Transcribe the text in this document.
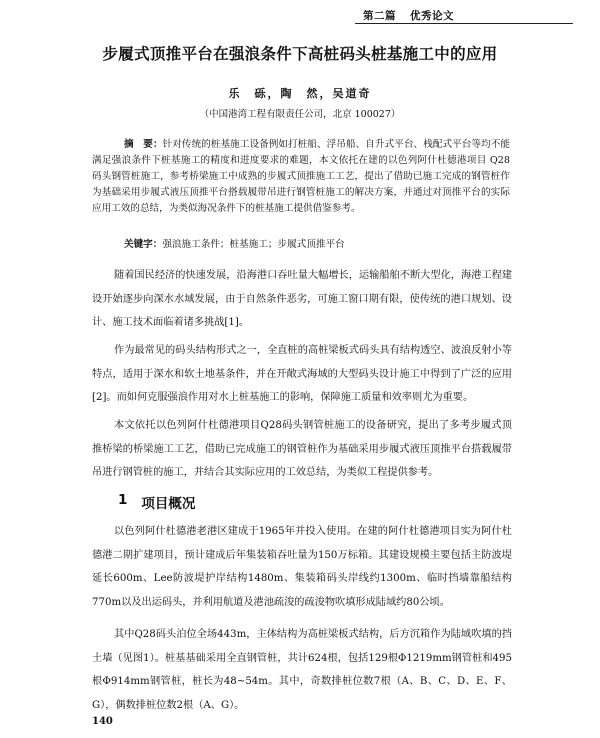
第二篇 优秀论文
步履式顶推平台在强浪条件下高桩码头桩基施工中的应用
乐　砾，陶　然，吴道奇
（中国港湾工程有限责任公司，北京 100027）
摘　要：针对传统的桩基施工设备例如打桩船、浮吊船、自升式平台、栈配式平台等均不能满足强浪条件下桩基施工的精度和进度要求的难题，本文依托在建的以色列阿什杜德港项目 Q28 码头钢管桩施工，参考桥梁施工中成熟的步履式顶推施工工艺，提出了借助已施工完成的钢管桩作为基础采用步履式液压顶推平台搭载履带吊进行钢管桩施工的解决方案，并通过对顶推平台的实际应用工效的总结，为类似海况条件下的桩基施工提供借鉴参考。
关键字：强浪施工条件；桩基施工；步履式顶推平台

随着国民经济的快速发展，沿海港口吞吐量大幅增长，运输船舶不断大型化，海港工程建设开始逐步向深水水域发展，由于自然条件恶劣，可施工窗口期有限，使传统的港口规划、设计、施工技术面临着诸多挑战[1]。

作为最常见的码头结构形式之一，全直桩的高桩梁板式码头具有结构透空、波浪反射小等特点，适用于深水和软土地基条件，并在开敞式海域的大型码头设计施工中得到了广泛的应用[2]。而如何克服强浪作用对水上桩基施工的影响，保障施工质量和效率则尤为重要。

本文依托以色列阿什杜德港项目Q28码头钢管桩施工的设备研究，提出了多考步履式顶推桥梁的桥梁施工工艺，借助已完成施工的钢管桩作为基础采用步履式液压顶推平台搭载履带吊进行钢管桩的施工，并结合其实际应用的工效总结，为类似工程提供参考。

1 项目概况

以色列阿什杜德港老港区建成于1965年并投入使用。在建的阿什杜德港项目实为阿什杜德港二期扩建项目，预计建成后年集装箱吞吐量为150万标箱。其建设规模主要包括主防波堤延长600m、Lee防波堤护岸结构1480m、集装箱码头岸线约1300m、临时挡墙靠船结构770m以及出运码头，并利用航道及港池疏浚的疏浚物吹填形成陆域约80公顷。

其中Q28码头泊位全场443m，主体结构为高桩梁板式结构，后方沉箱作为陆域吹填的挡土墙（见图1）。桩基基础采用全直钢管桩，共计624根，包括129根Φ1219mm钢管桩和495根Φ914mm钢管桩，桩长为48~54m。其中，奇数排桩位数7根（A、B、C、D、E、F、G），偶数排桩位数2根（A、G）。

140
